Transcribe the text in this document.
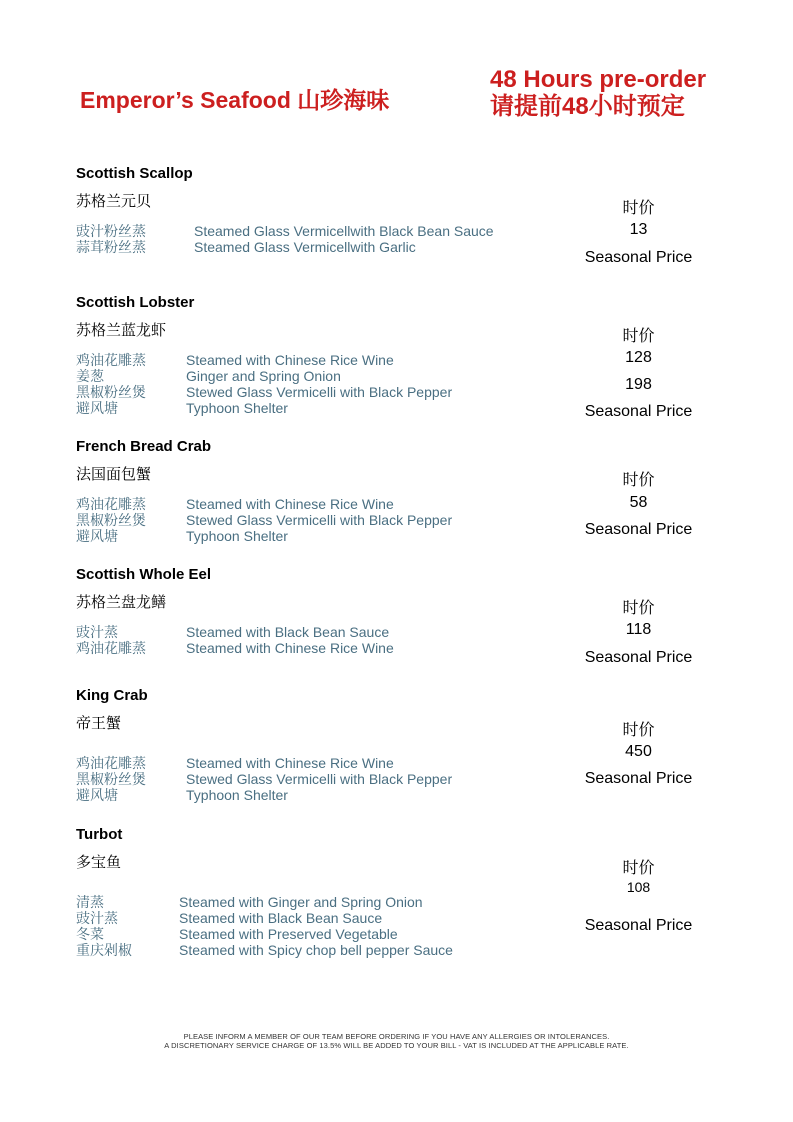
Emperor’s Seafood 山珍海味
48 Hours pre-order
请提前48小时预定
Scottish Scallop
苏格兰元贝
豉汁粉丝蒸	Steamed Glass Vermicellwith Black Bean Sauce
蒜茸粉丝蒸	Steamed Glass Vermicellwith Garlic
时价
13
Seasonal Price
Scottish Lobster
苏格兰蓝龙虾
鸡油花雕蒸	Steamed with Chinese Rice Wine
姜葱	Ginger and Spring Onion
黑椒粉丝煲	Stewed Glass Vermicelli with Black Pepper
避风塘	Typhoon Shelter
时价
128
198
Seasonal Price
French Bread Crab
法国面包蟹
鸡油花雕蒸	Steamed with Chinese Rice Wine
黑椒粉丝煲	Stewed Glass Vermicelli with Black Pepper
避风塘	Typhoon Shelter
时价
58
Seasonal Price
Scottish Whole Eel
苏格兰盘龙鳝
豉汁蒸	Steamed with Black Bean Sauce
鸡油花雕蒸	Steamed with Chinese Rice Wine
时价
118
Seasonal Price
King Crab
帝王蟹
鸡油花雕蒸	Steamed with Chinese Rice Wine
黑椒粉丝煲	Stewed Glass Vermicelli with Black Pepper
避风塘	Typhoon Shelter
时价
450
Seasonal Price
Turbot
多宝鱼
清蒸	Steamed with Ginger and Spring Onion
豉汁蒸	Steamed with Black Bean Sauce
冬菜	Steamed with Preserved Vegetable
重庆剁椒	Steamed with Spicy chop bell pepper Sauce
时价
108
Seasonal Price
PLEASE INFORM A MEMBER OF OUR TEAM BEFORE ORDERING IF YOU HAVE ANY ALLERGIES OR INTOLERANCES.
A DISCRETIONARY SERVICE CHARGE OF 13.5% WILL BE ADDED TO YOUR BILL - VAT IS INCLUDED AT THE APPLICABLE RATE.
